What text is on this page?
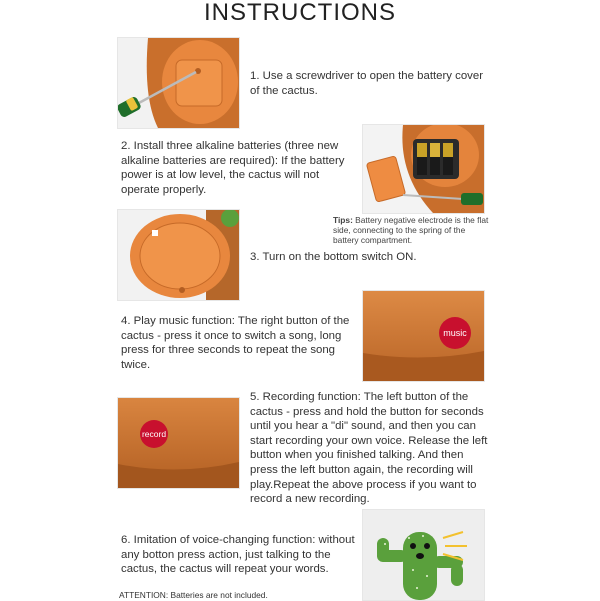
INSTRUCTIONS
1. Use a screwdriver to open the battery cover of the cactus.
2. Install three alkaline batteries (three new alkaline batteries are required): If the battery power is at low level, the cactus will not operate properly.
Tips: Battery negative electrode is the flat side, connecting to the spring of the battery compartment.
3. Turn on the bottom switch ON.
4. Play music function: The right button of the cactus - press it once to switch a song, long press for three seconds to repeat the song twice.
music
record
5. Recording function: The left button of the cactus - press and hold the button for seconds until you hear a "di" sound, and then you can start recording your own voice. Release the left button when you finished talking. And then press the left button again, the recording will play.Repeat the above process if you want to record a new recording.
6. Imitation of voice-changing function: without any botton press action, just talking to the cactus, the cactus will repeat your words.
ATTENTION: Batteries are not included.
